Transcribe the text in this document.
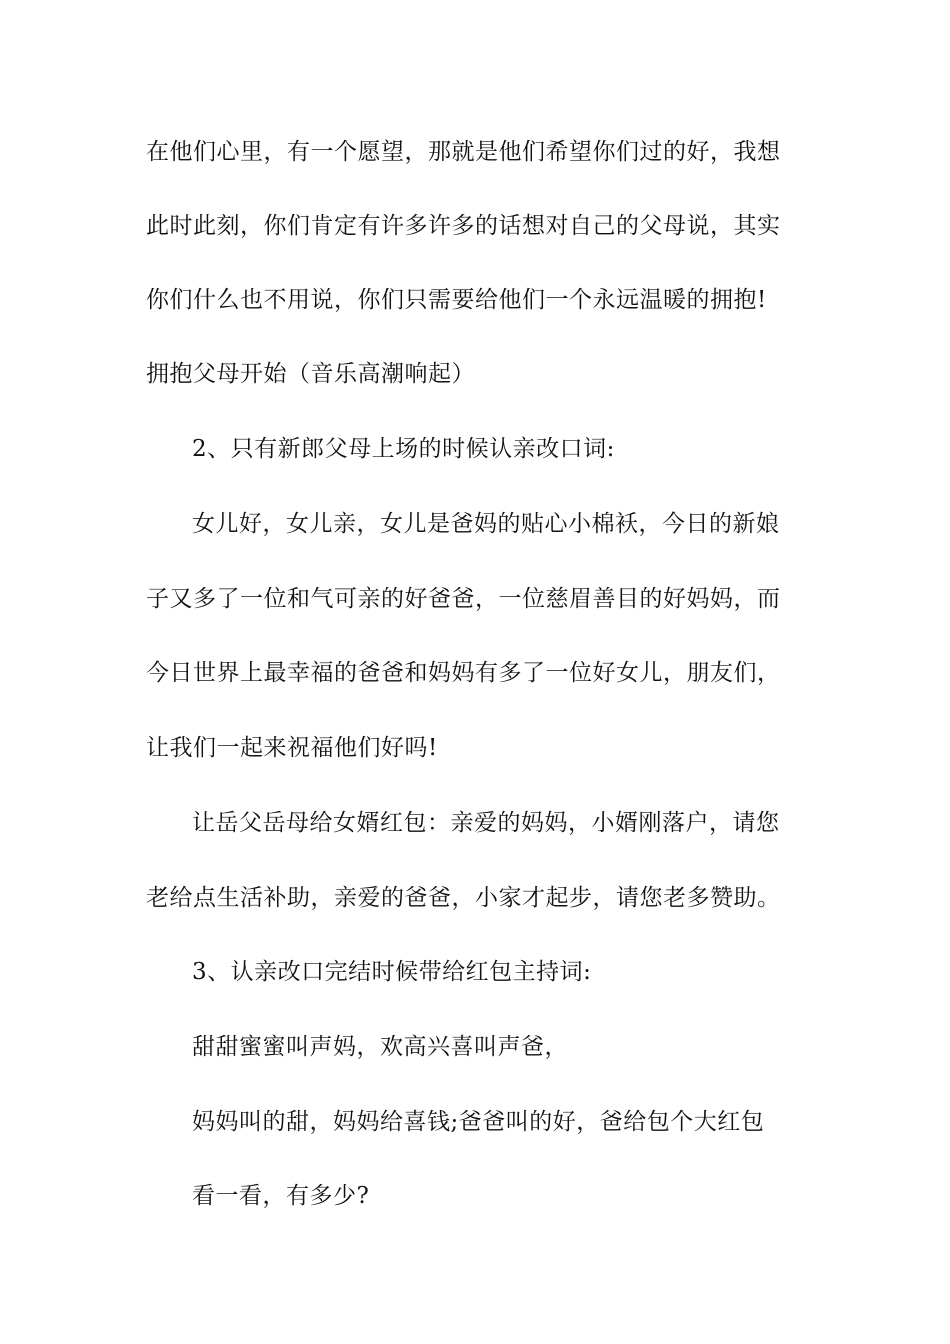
在他们心里，有一个愿望，那就是他们希望你们过的好，我想
此时此刻，你们肯定有许多许多的话想对自己的父母说，其实
你们什么也不用说，你们只需要给他们一个永远温暖的拥抱!
拥抱父母开始（音乐高潮响起）
2、只有新郎父母上场的时候认亲改口词:
女儿好，女儿亲，女儿是爸妈的贴心小棉袄，今日的新娘
子又多了一位和气可亲的好爸爸，一位慈眉善目的好妈妈，而
今日世界上最幸福的爸爸和妈妈有多了一位好女儿，朋友们，
让我们一起来祝福他们好吗!
让岳父岳母给女婿红包：亲爱的妈妈，小婿刚落户，请您
老给点生活补助，亲爱的爸爸，小家才起步，请您老多赞助。
3、认亲改口完结时候带给红包主持词:
甜甜蜜蜜叫声妈，欢高兴喜叫声爸，
妈妈叫的甜，妈妈给喜钱;爸爸叫的好，爸给包个大红包
看一看，有多少?
